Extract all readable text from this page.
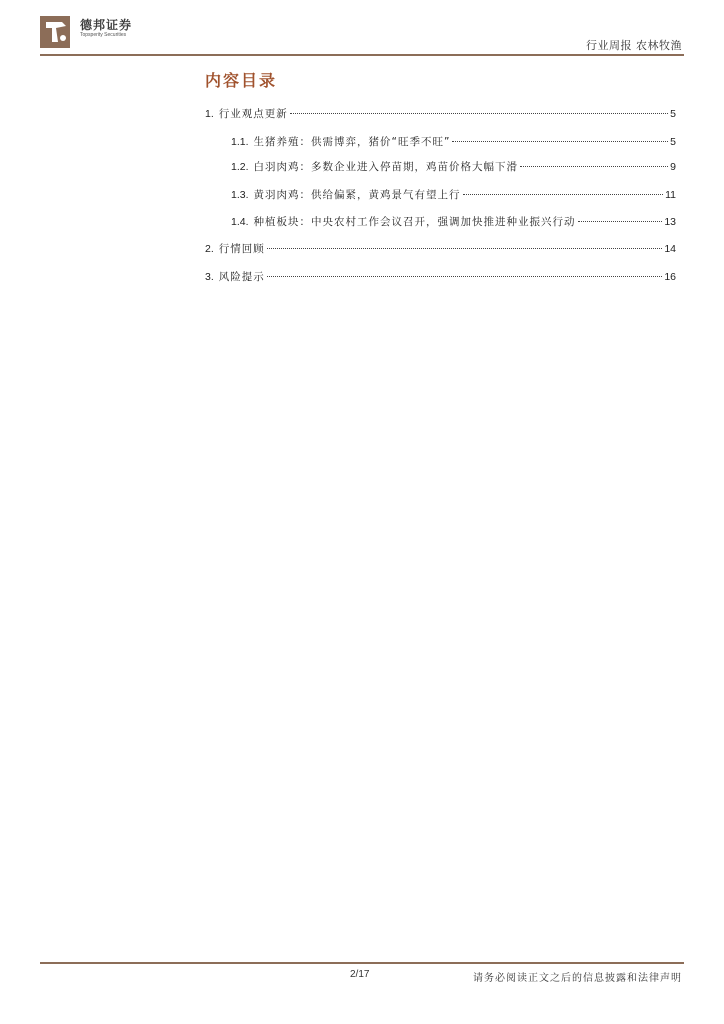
德邦证券
Topsperity Securities
行业周报 农林牧渔
内容目录
1. 行业观点更新	5
1.1. 生猪养殖：供需博弈，猪价“旺季不旺”	5
1.2. 白羽肉鸡：多数企业进入停苗期，鸡苗价格大幅下滑	9
1.3. 黄羽肉鸡：供给偏紧，黄鸡景气有望上行	11
1.4. 种植板块：中央农村工作会议召开，强调加快推进种业振兴行动	13
2. 行情回顾	14
3. 风险提示	16
2/17	请务必阅读正文之后的信息披露和法律声明
